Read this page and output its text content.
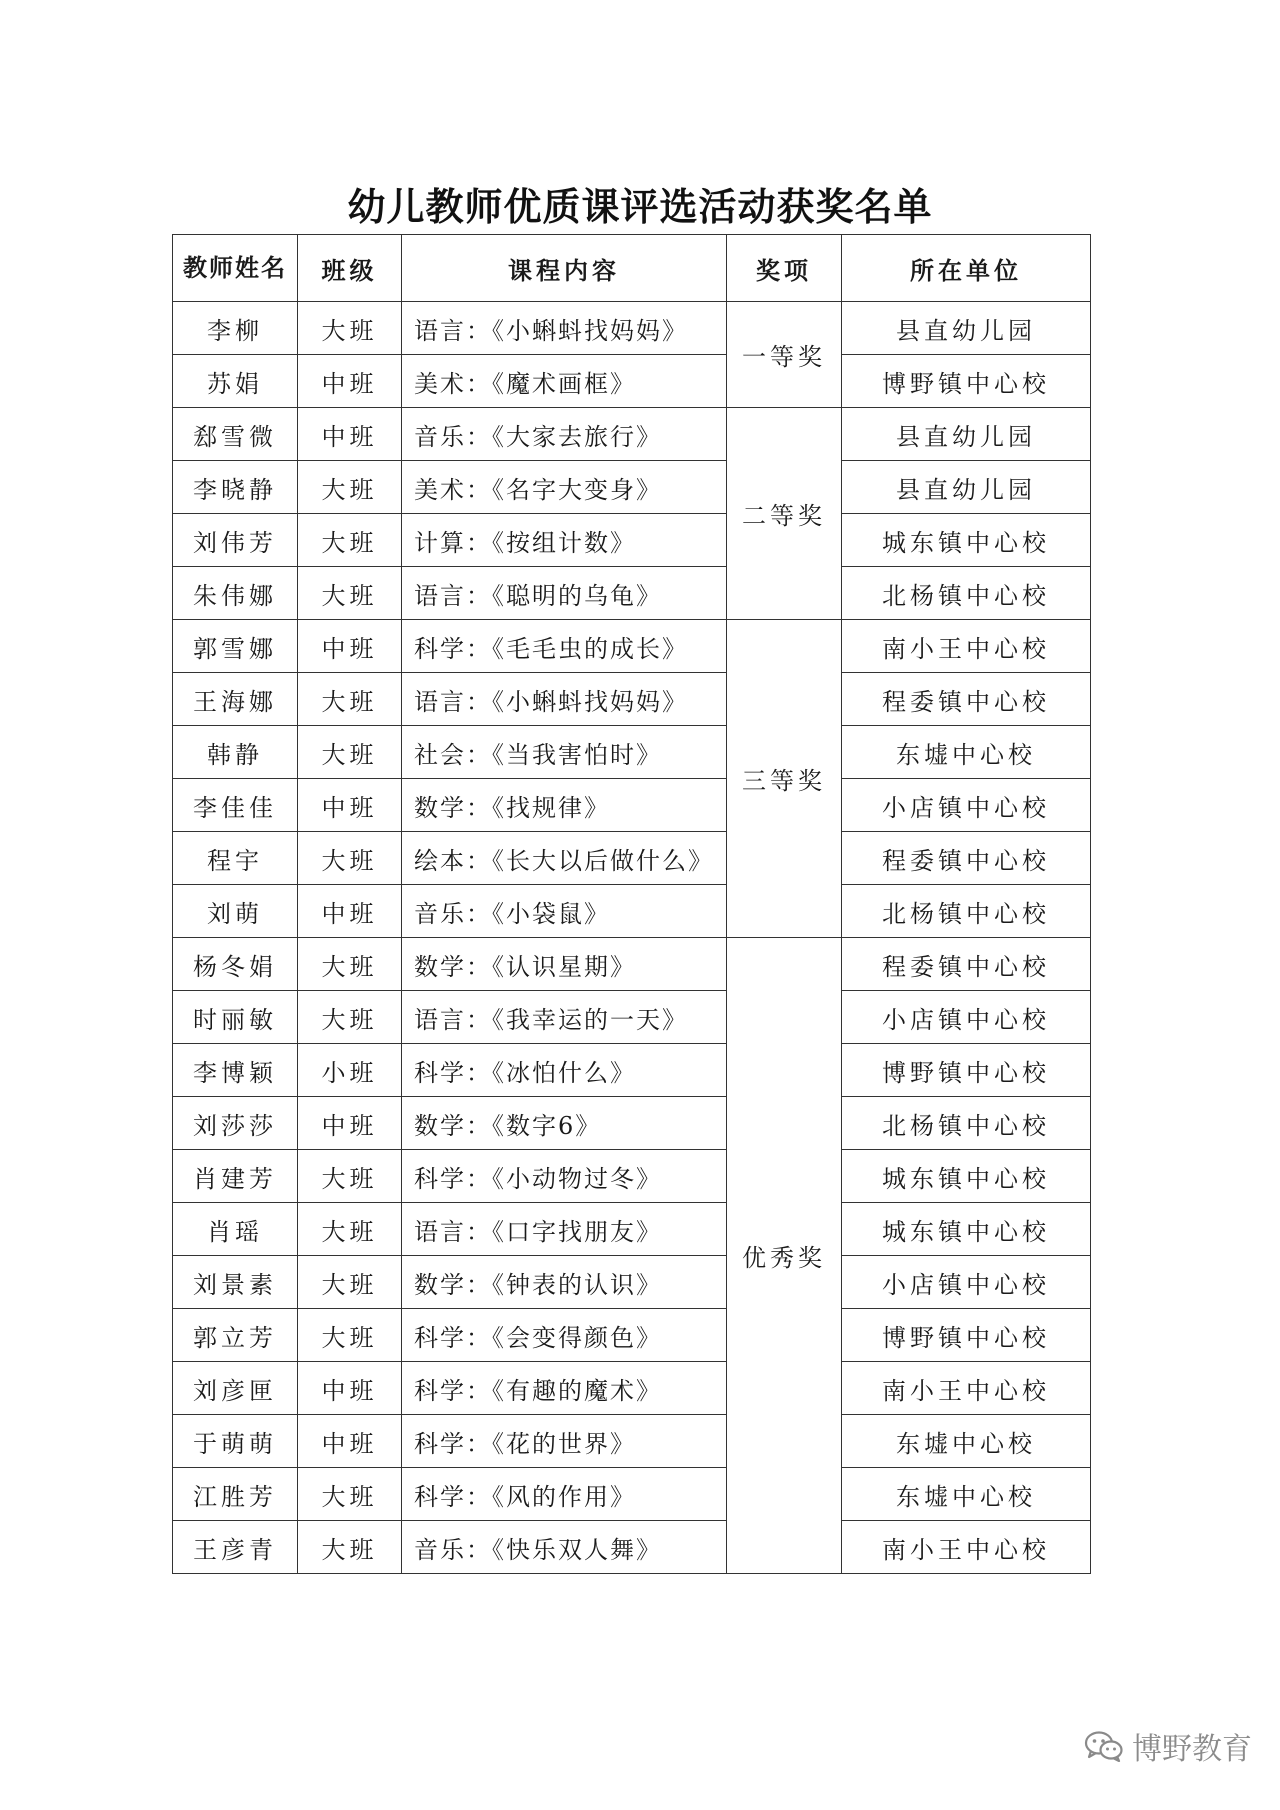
幼儿教师优质课评选活动获奖名单
教师姓名	班级	课程内容	奖项	所在单位
李柳	大班	语言：《小蝌蚪找妈妈》	一等奖	县直幼儿园
苏娟	中班	美术：《魔术画框》		博野镇中心校
郄雪微	中班	音乐：《大家去旅行》	二等奖	县直幼儿园
李晓静	大班	美术：《名字大变身》		县直幼儿园
刘伟芳	大班	计算：《按组计数》		城东镇中心校
朱伟娜	大班	语言：《聪明的乌龟》		北杨镇中心校
郭雪娜	中班	科学：《毛毛虫的成长》	三等奖	南小王中心校
王海娜	大班	语言：《小蝌蚪找妈妈》		程委镇中心校
韩静	大班	社会：《当我害怕时》		东墟中心校
李佳佳	中班	数学：《找规律》		小店镇中心校
程宇	大班	绘本：《长大以后做什么》		程委镇中心校
刘萌	中班	音乐：《小袋鼠》		北杨镇中心校
杨冬娟	大班	数学：《认识星期》	优秀奖	程委镇中心校
时丽敏	大班	语言：《我幸运的一天》		小店镇中心校
李博颖	小班	科学：《冰怕什么》		博野镇中心校
刘莎莎	中班	数学：《数字6》		北杨镇中心校
肖建芳	大班	科学：《小动物过冬》		城东镇中心校
肖瑶	大班	语言：《口字找朋友》		城东镇中心校
刘景素	大班	数学：《钟表的认识》		小店镇中心校
郭立芳	大班	科学：《会变得颜色》		博野镇中心校
刘彦匣	中班	科学：《有趣的魔术》		南小王中心校
于萌萌	中班	科学：《花的世界》		东墟中心校
江胜芳	大班	科学：《风的作用》		东墟中心校
王彦青	大班	音乐：《快乐双人舞》		南小王中心校
博野教育
